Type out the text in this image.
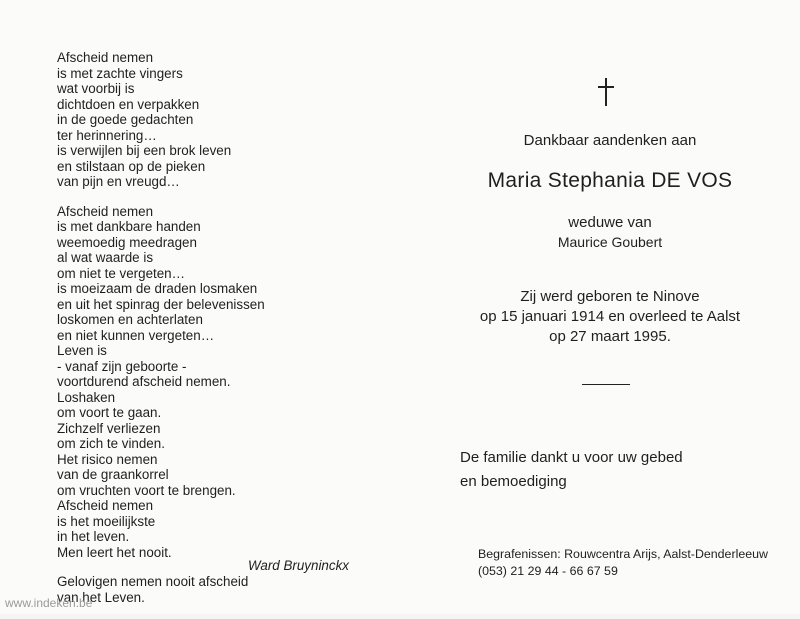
Afscheid nemen
is met zachte vingers
wat voorbij is
dichtdoen en verpakken
in de goede gedachten
ter herinnering…
is verwijlen bij een brok leven
en stilstaan op de pieken
van pijn en vreugd…
Afscheid nemen
is met dankbare handen
weemoedig meedragen
al wat waarde is
om niet te vergeten…
is moeizaam de draden losmaken
en uit het spinrag der belevenissen
loskomen en achterlaten
en niet kunnen vergeten…
Leven is
- vanaf zijn geboorte -
voortdurend afscheid nemen.
Loshaken
om voort te gaan.
Zichzelf verliezen
om zich te vinden.
Het risico nemen
van de graankorrel
om vruchten voort te brengen.
Afscheid nemen
is het moeilijkste
in het leven.
Men leert het nooit.
Gelovigen nemen nooit afscheid
van het Leven.
Ward Bruyninckx
Dankbaar aandenken aan
Maria Stephania DE VOS
weduwe van
Maurice Goubert
Zij werd geboren te Ninove
op 15 januari 1914 en overleed te Aalst
op 27 maart 1995.
De familie dankt u voor uw gebed
en bemoediging
Begrafenissen: Rouwcentra Arijs, Aalst-Denderleeuw
(053) 21 29 44 - 66 67 59
www.indeken.be
